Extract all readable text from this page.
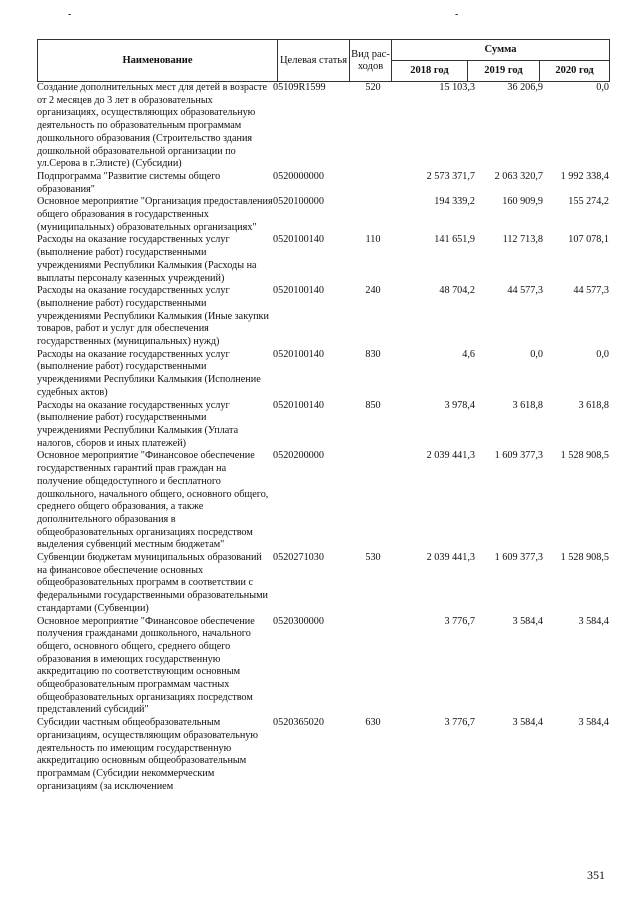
-	-
Наименование	Целевая статья	Вид рас-ходов	Сумма		
			2018 год	2019 год	2020 год
Создание дополнительных мест для детей в возрасте от 2 месяцев до 3 лет в образовательных организациях, осуществляющих образовательную деятельность по образовательным программам дошкольного образования (Строительство здания дошкольной образовательной организации по ул.Серова в г.Элисте) (Субсидии)	05109R1599	520	15 103,3	36 206,9	0,0
Подпрограмма "Развитие системы общего образования"	0520000000		2 573 371,7	2 063 320,7	1 992 338,4
Основное мероприятие "Организация предоставления общего образования в государственных (муниципальных) образовательных организациях"	0520100000		194 339,2	160 909,9	155 274,2
Расходы на оказание государственных услуг (выполнение работ) государственными учреждениями Республики Калмыкия (Расходы на выплаты персоналу казенных учреждений)	0520100140	110	141 651,9	112 713,8	107 078,1
Расходы на оказание государственных услуг (выполнение работ) государственными учреждениями Республики Калмыкия (Иные закупки товаров, работ и услуг для обеспечения государственных (муниципальных) нужд)	0520100140	240	48 704,2	44 577,3	44 577,3
Расходы на оказание государственных услуг (выполнение работ) государственными учреждениями Республики Калмыкия (Исполнение судебных актов)	0520100140	830	4,6	0,0	0,0
Расходы на оказание государственных услуг (выполнение работ) государственными учреждениями Республики Калмыкия (Уплата налогов, сборов и иных платежей)	0520100140	850	3 978,4	3 618,8	3 618,8
Основное мероприятие "Финансовое обеспечение государственных гарантий прав граждан на получение общедоступного и бесплатного дошкольного, начального общего, основного общего, среднего общего образования, а также дополнительного образования в общеобразовательных организациях посредством выделения субвенций местным бюджетам"	0520200000		2 039 441,3	1 609 377,3	1 528 908,5
Субвенции бюджетам муниципальных образований на финансовое обеспечение основных общеобразовательных программ в соответствии с федеральными государственными образовательными стандартами (Субвенции)	0520271030	530	2 039 441,3	1 609 377,3	1 528 908,5
Основное мероприятие "Финансовое обеспечение получения гражданами дошкольного, начального общего, основного общего, среднего общего образования в имеющих государственную аккредитацию по соответствующим основным общеобразовательным программам частных общеобразовательных организациях посредством представлений субсидий"	0520300000		3 776,7	3 584,4	3 584,4
Субсидии частным общеобразовательным организациям, осуществляющим образовательную деятельность по имеющим государственную аккредитацию основным общеобразовательным программам (Субсидии некоммерческим организациям (за исключением	0520365020	630	3 776,7	3 584,4	3 584,4
351
